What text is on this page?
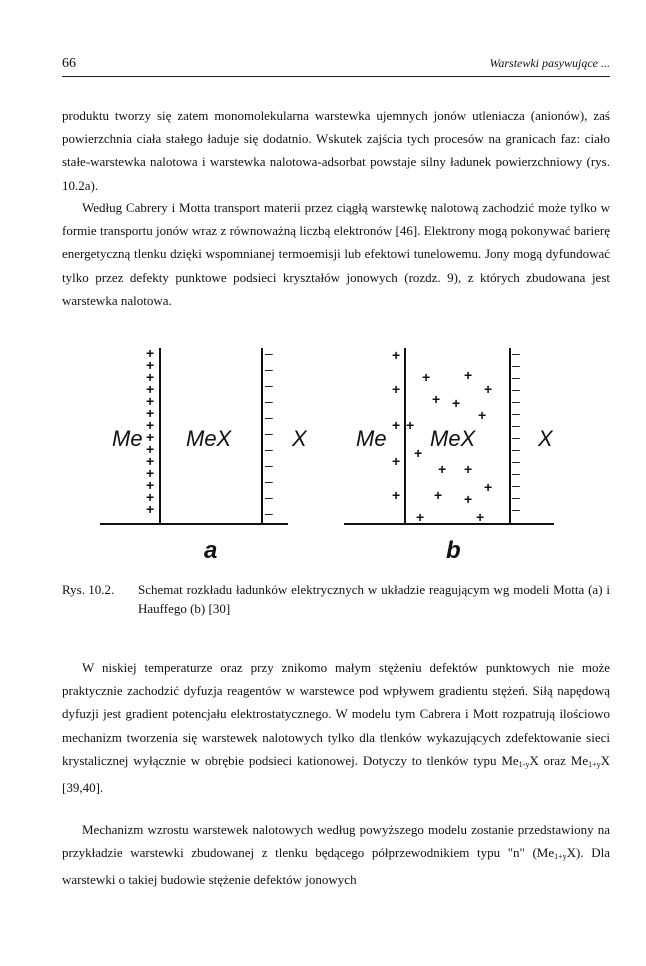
66	Warstewki pasywujące ...

produktu tworzy się zatem monomolekularna warstewka ujemnych jonów utleniacza (anionów), zaś powierzchnia ciała stałego ładuje się dodatnio. Wskutek zajścia tych procesów na granicach faz: ciało stałe-warstewka nalotowa i warstewka nalotowa-adsorbat powstaje silny ładunek powierzchniowy (rys. 10.2a).

Według Cabrery i Motta transport materii przez ciągłą warstewkę nalotową zachodzić może tylko w formie transportu jonów wraz z równoważną liczbą elektronów [46]. Elektrony mogą pokonywać barierę energetyczną tlenku dzięki wspomnianej termoemisji lub efektowi tunelowemu. Jony mogą dyfundować tylko przez defekty punktowe podsieci kryształów jonowych (rozdz. 9), z których zbudowana jest warstewka nalotowa.

+
+
+
+
+
+
+
+
+
+
+
+
+
+
–
–
–
–
–
–
–
–
–
–
–
Me MeX	X
a
+
+
+
+
+
+ +
+
+ +
+
+
+
+ +
+
+ +
+	+
–
–
–
–
–
–
–
–
–
–
–
–
–
–
Me MeX	X
b
Rys. 10.2. Schemat rozkładu ładunków elektrycznych w układzie reagującym wg modeli Motta (a) i Hauffego (b) [30]

W niskiej temperaturze oraz przy znikomo małym stężeniu defektów punktowych nie może praktycznie zachodzić dyfuzja reagentów w warstewce pod wpływem gradientu stężeń. Siłą napędową dyfuzji jest gradient potencjału elektrostatycznego. W modelu tym Cabrera i Mott rozpatrują ilościowo mechanizm tworzenia się warstewek nalotowych tylko dla tlenków wykazujących zdefektowanie sieci krystalicznej wyłącznie w obrębie podsieci kationowej. Dotyczy to tlenków typu $Me_{1-y}X$ oraz $Me_{1+y}X$ [39,40].

Mechanizm wzrostu warstewek nalotowych według powyższego modelu zostanie przedstawiony na przykładzie warstewki zbudowanej z tlenku będącego półprzewodnikiem typu "n" $(Me_{1+y}X)$. Dla warstewki o takiej budowie stężenie defektów jonowych
